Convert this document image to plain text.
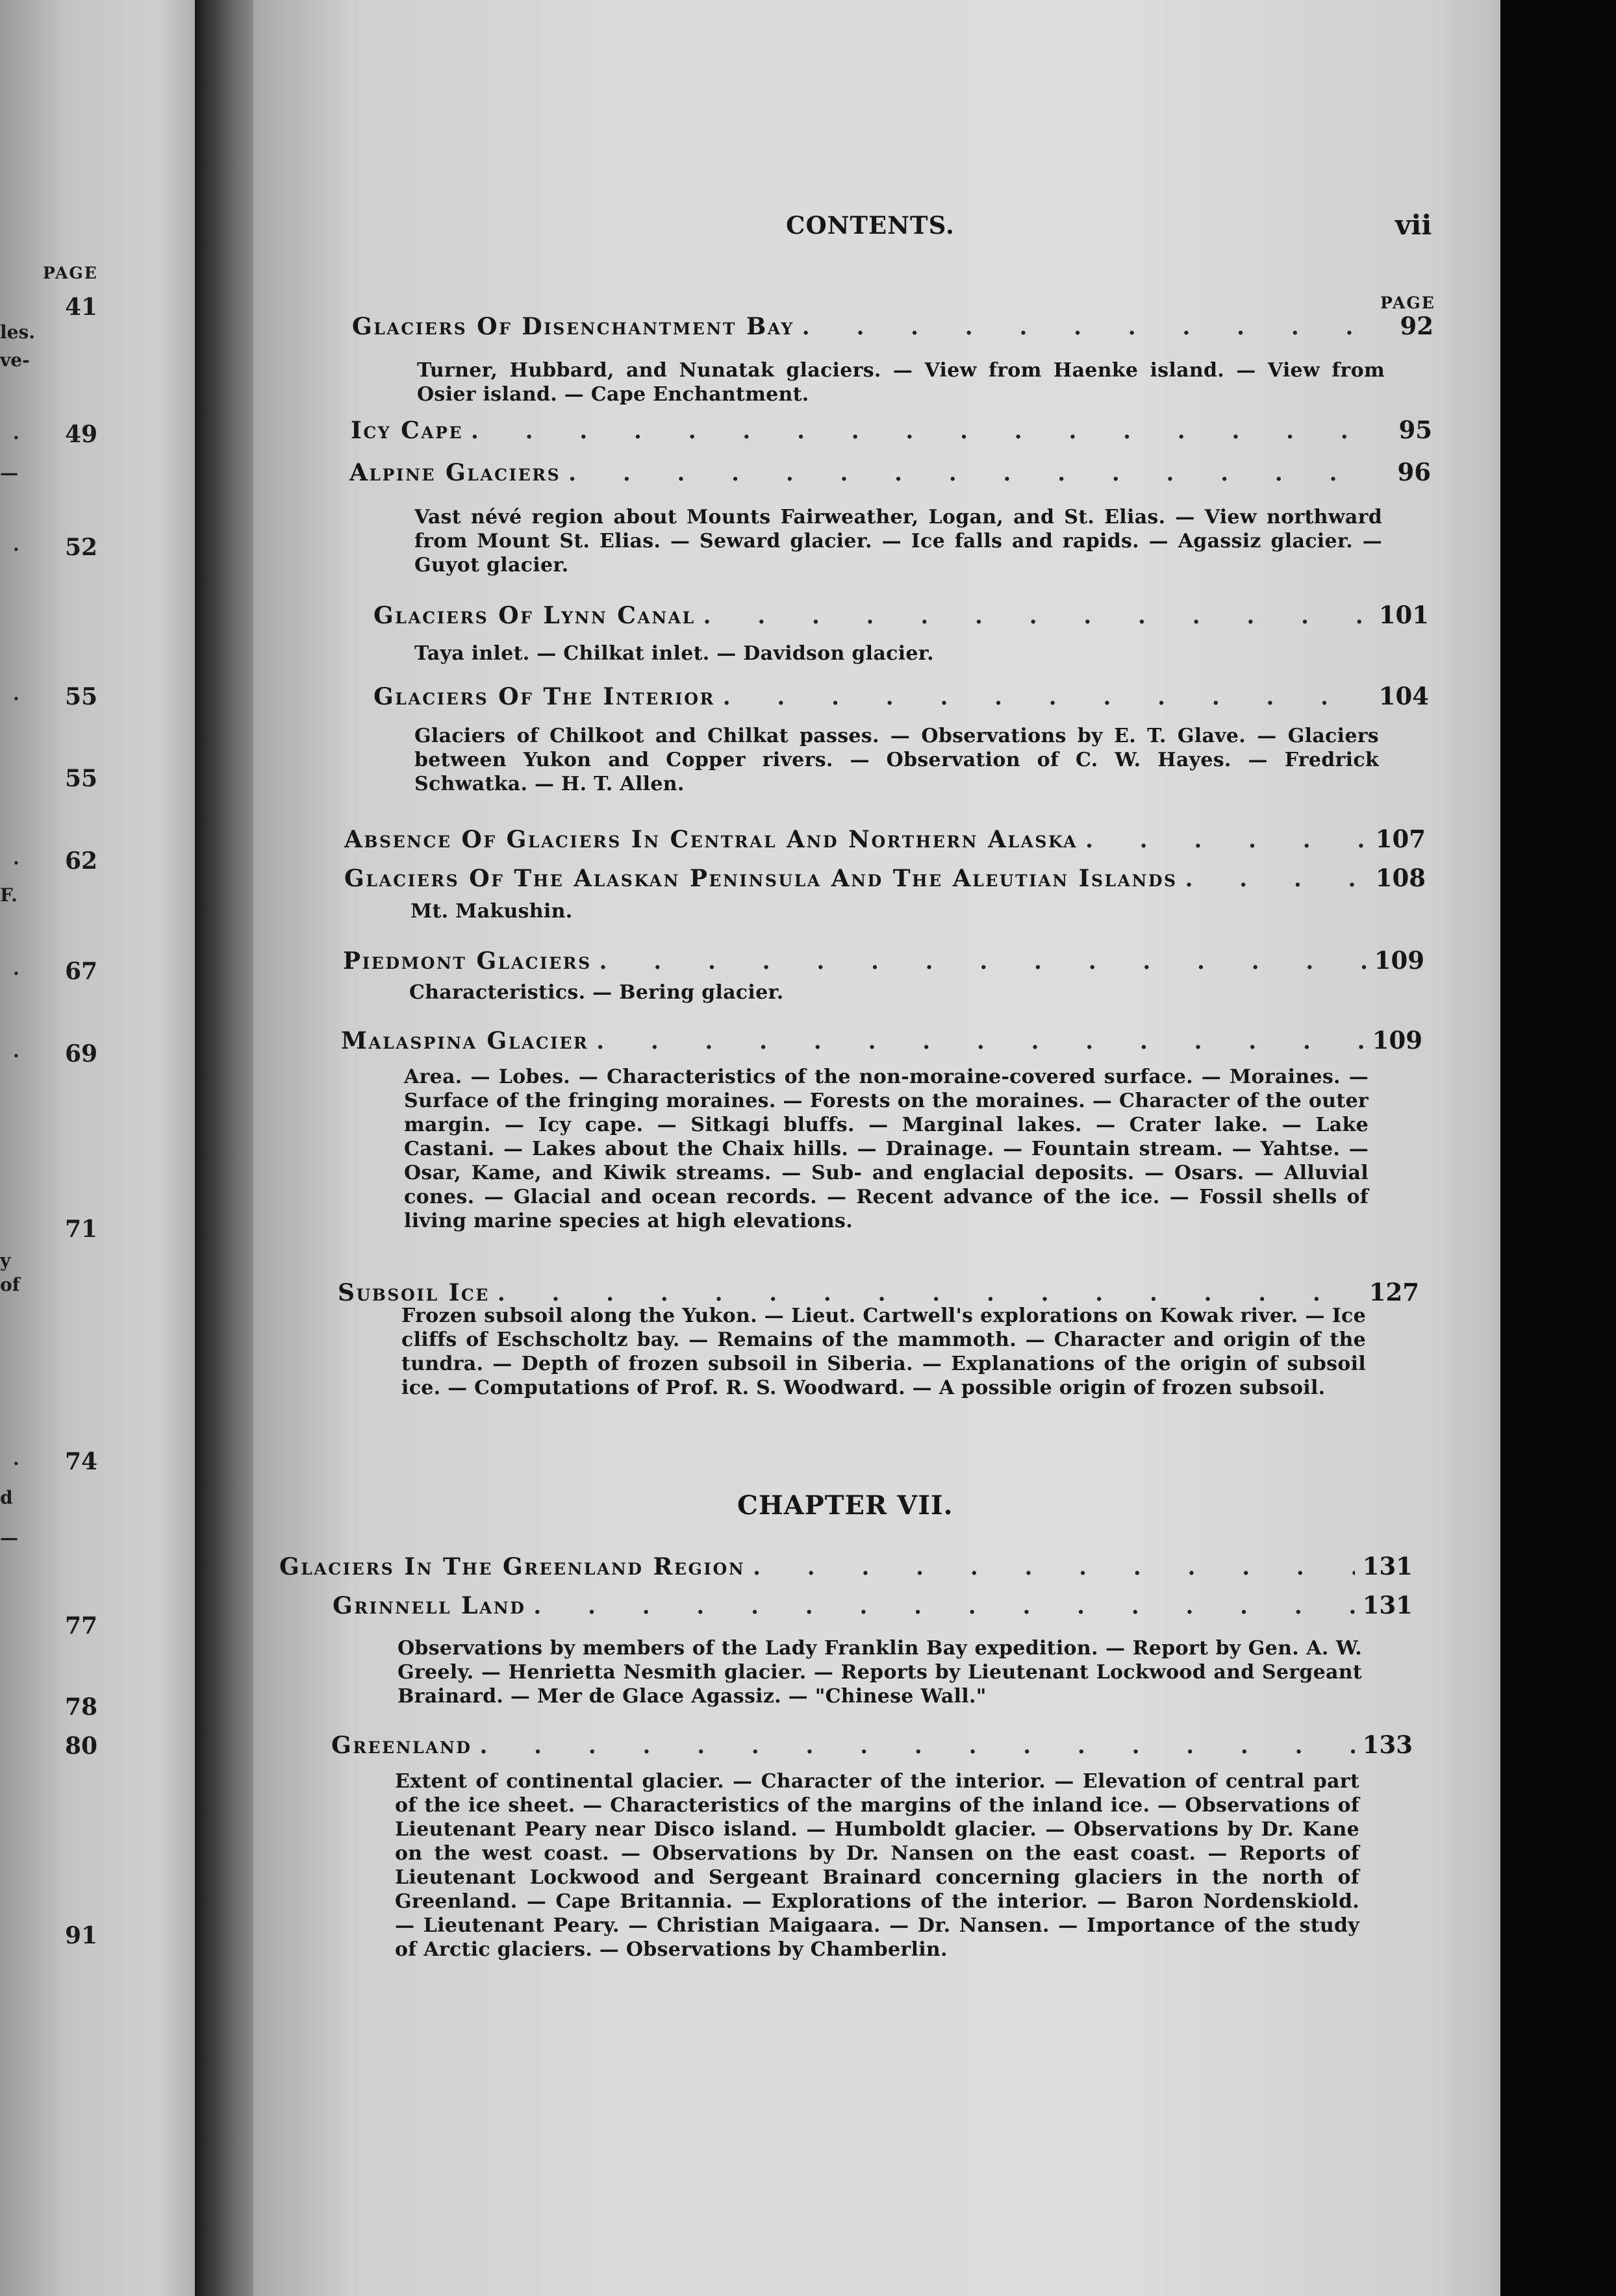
PAGE
41
49
52
55
55
62
67
69
71
74
77
78
80
91
les.
ve-
.
—
.
.
.
F.
.
.
y
of
.
d
—
CONTENTS.	vii
PAGE
Glaciers Of Disenchantment Bay . . .	92
Turner, Hubbard, and Nunatak glaciers. — View from Haenke island. — View from Osier island. — Cape Enchantment.
Icy Cape . . .	95
Alpine Glaciers . . .	96
Vast névé region about Mounts Fairweather, Logan, and St. Elias. — View northward from Mount St. Elias. — Seward glacier. — Ice falls and rapids. — Agassiz glacier. — Guyot glacier.
Glaciers Of Lynn Canal . . .	101
Taya inlet. — Chilkat inlet. — Davidson glacier.
Glaciers Of The Interior . . .	104
Glaciers of Chilkoot and Chilkat passes. — Observations by E. T. Glave. — Glaciers between Yukon and Copper rivers. — Observation of C. W. Hayes. — Fredrick Schwatka. — H. T. Allen.
Absence Of Glaciers In Central And Northern Alaska . . .	107
Glaciers Of The Alaskan Peninsula And The Aleutian Islands . . .	108
Mt. Makushin.
Piedmont Glaciers . . .	109
Characteristics. — Bering glacier.
Malaspina Glacier . . .	109
Area. — Lobes. — Characteristics of the non-moraine-covered surface. — Moraines. — Surface of the fringing moraines. — Forests on the moraines. — Character of the outer margin. — Icy cape. — Sitkagi bluffs. — Marginal lakes. — Crater lake. — Lake Castani. — Lakes about the Chaix hills. — Drainage. — Fountain stream. — Yahtse. — Osar, Kame, and Kiwik streams. — Sub- and englacial deposits. — Osars. — Alluvial cones. — Glacial and ocean records. — Recent advance of the ice. — Fossil shells of living marine species at high elevations.
Subsoil Ice . . .	127
Frozen subsoil along the Yukon. — Lieut. Cartwell's explorations on Kowak river. — Ice cliffs of Eschscholtz bay. — Remains of the mammoth. — Character and origin of the tundra. — Depth of frozen subsoil in Siberia. — Explanations of the origin of subsoil ice. — Computations of Prof. R. S. Woodward. — A possible origin of frozen subsoil.
CHAPTER VII.
Glaciers In The Greenland Region . . .	131
Grinnell Land . . .	131
Observations by members of the Lady Franklin Bay expedition. — Report by Gen. A. W. Greely. — Henrietta Nesmith glacier. — Reports by Lieutenant Lockwood and Sergeant Brainard. — Mer de Glace Agassiz. — "Chinese Wall."
Greenland . . .	133
Extent of continental glacier. — Character of the interior. — Elevation of central part of the ice sheet. — Characteristics of the margins of the inland ice. — Observations of Lieutenant Peary near Disco island. — Humboldt glacier. — Observations by Dr. Kane on the west coast. — Observations by Dr. Nansen on the east coast. — Reports of Lieutenant Lockwood and Sergeant Brainard concerning glaciers in the north of Greenland. — Cape Britannia. — Explorations of the interior. — Baron Nordenskiold. — Lieutenant Peary. — Christian Maigaara. — Dr. Nansen. — Importance of the study of Arctic glaciers. — Observations by Chamberlin.
